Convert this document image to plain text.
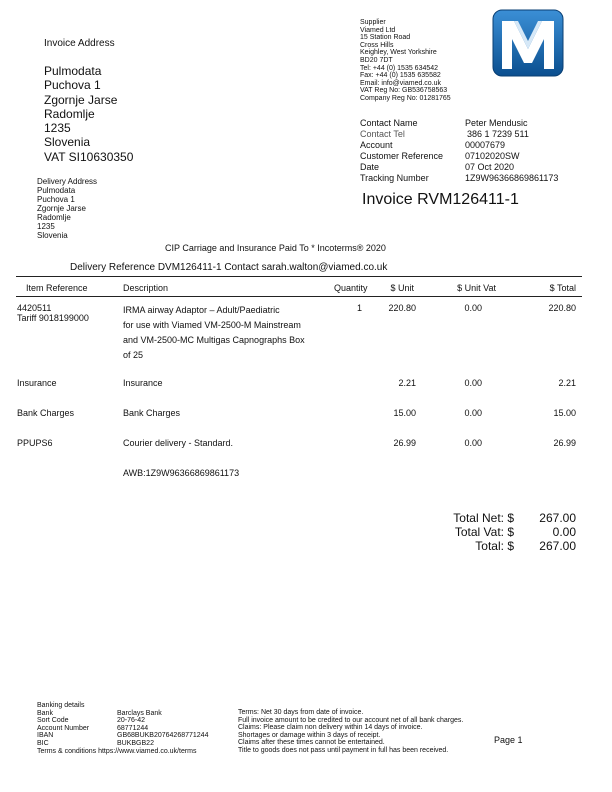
Invoice Address
Pulmodata
Puchova 1
Zgornje Jarse
Radomlje
1235
Slovenia
VAT SI10630350
Delivery Address
Pulmodata
Puchova 1
Zgornje Jarse
Radomlje
1235
Slovenia
Supplier
Viamed Ltd
15 Station Road
Cross Hills
Keighley, West Yorkshire
BD20 7DT
Tel: +44 (0) 1535 634542
Fax: +44 (0) 1535 635582
Email: info@viamed.co.uk
VAT Reg No: GB536758563
Company Reg No: 01281765
Contact Name	Peter Mendusic
Contact Tel	386 1 7239 511
Account	00007679
Customer Reference 07102020SW
Date	07 Oct 2020
Tracking Number	1Z9W96366869861173
Invoice RVM126411-1
CIP Carriage and Insurance Paid To * Incoterms® 2020
Delivery Reference DVM126411-1 Contact sarah.walton@viamed.co.uk
Item Reference	Description	Quantity	$ Unit	$ Unit Vat	$ Total
4420511
Tariff 9018199000
IRMA airway Adaptor – Adult/Paediatric
for use with Viamed VM-2500-M Mainstream
and VM-2500-MC Multigas Capnographs Box
of 25
1	220.80	0.00	220.80
Insurance	Insurance	2.21	0.00	2.21
Bank Charges	Bank Charges	15.00	0.00	15.00
PPUPS6	Courier delivery - Standard.	26.99	0.00	26.99
AWB:1Z9W96366869861173
Total Net: $	267.00
Total Vat: $	0.00
Total: $	267.00
Banking details
Bank	Barclays Bank
Sort Code	20-76-42
Account Number	68771244
IBAN	GB68BUKB20764268771244
BIC	BUKBGB22
Terms & conditions https://www.viamed.co.uk/terms
Terms: Net 30 days from date of invoice.
Full invoice amount to be credited to our account net of all bank charges.
Claims: Please claim non delivery within 14 days of invoice.
Shortages or damage within 3 days of receipt.
Claims after these times cannot be entertained.
Title to goods does not pass until payment in full has been received.
Page 1
